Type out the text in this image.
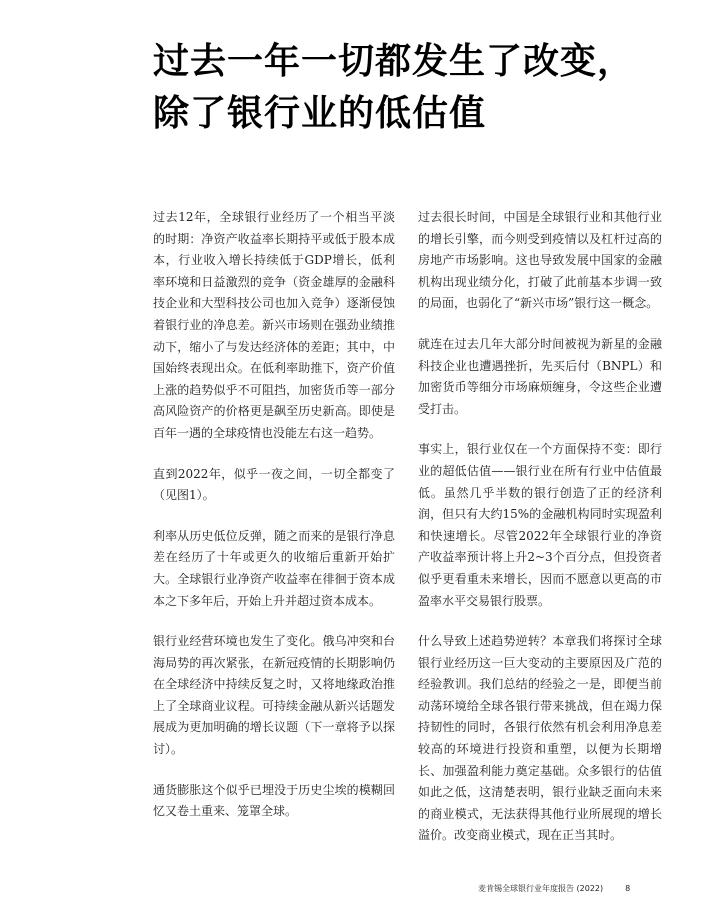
过去一年一切都发生了改变，
除了银行业的低估值

过去12年，全球银行业经历了一个相当平淡的时期：净资产收益率长期持平或低于股本成本，行业收入增长持续低于GDP增长，低利率环境和日益激烈的竞争（资金雄厚的金融科技企业和大型科技公司也加入竞争）逐渐侵蚀着银行业的净息差。新兴市场则在强劲业绩推动下，缩小了与发达经济体的差距；其中，中国始终表现出众。在低利率助推下，资产价值上涨的趋势似乎不可阻挡，加密货币等一部分高风险资产的价格更是飙至历史新高。即使是百年一遇的全球疫情也没能左右这一趋势。

直到2022年，似乎一夜之间，一切全都变了（见图1）。

利率从历史低位反弹，随之而来的是银行净息差在经历了十年或更久的收缩后重新开始扩大。全球银行业净资产收益率在徘徊于资本成本之下多年后，开始上升并超过资本成本。

银行业经营环境也发生了变化。俄乌冲突和台海局势的再次紧张，在新冠疫情的长期影响仍在全球经济中持续反复之时，又将地缘政治推上了全球商业议程。可持续金融从新兴话题发展成为更加明确的增长议题（下一章将予以探讨）。

通货膨胀这个似乎已埋没于历史尘埃的模糊回忆又卷土重来、笼罩全球。

过去很长时间，中国是全球银行业和其他行业的增长引擎，而今则受到疫情以及杠杆过高的房地产市场影响。这也导致发展中国家的金融机构出现业绩分化，打破了此前基本步调一致的局面，也弱化了“新兴市场”银行这一概念。

就连在过去几年大部分时间被视为新星的金融科技企业也遭遇挫折，先买后付（BNPL）和加密货币等细分市场麻烦缠身，令这些企业遭受打击。

事实上，银行业仅在一个方面保持不变：即行业的超低估值——银行业在所有行业中估值最低。虽然几乎半数的银行创造了正的经济利润，但只有大约15%的金融机构同时实现盈利和快速增长。尽管2022年全球银行业的净资产收益率预计将上升2~3个百分点，但投资者似乎更看重未来增长，因而不愿意以更高的市盈率水平交易银行股票。

什么导致上述趋势逆转？本章我们将探讨全球银行业经历这一巨大变动的主要原因及广范的经验教训。我们总结的经验之一是，即便当前动荡环境给全球各银行带来挑战，但在竭力保持韧性的同时，各银行依然有机会利用净息差较高的环境进行投资和重塑，以便为长期增长、加强盈利能力奠定基础。众多银行的估值如此之低，这清楚表明，银行业缺乏面向未来的商业模式，无法获得其他行业所展现的增长溢价。改变商业模式，现在正当其时。

麦肯锡全球银行业年度报告 (2022)	8
